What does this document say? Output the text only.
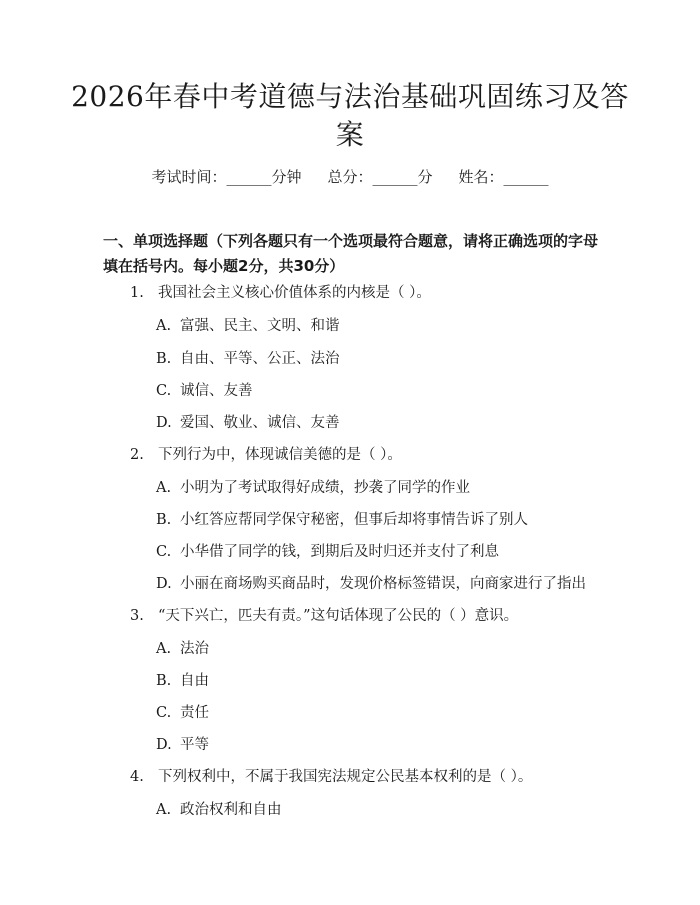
2026年春中考道德与法治基础巩固练习及答案
考试时间：______分钟 总分：______分 姓名：______
一、单项选择题（下列各题只有一个选项最符合题意，请将正确选项的字母填在括号内。每小题2分，共30分）
1. 我国社会主义核心价值体系的内核是（ ）。
A. 富强、民主、文明、和谐
B. 自由、平等、公正、法治
C. 诚信、友善
D. 爱国、敬业、诚信、友善
2. 下列行为中，体现诚信美德的是（ ）。
A. 小明为了考试取得好成绩，抄袭了同学的作业
B. 小红答应帮同学保守秘密，但事后却将事情告诉了别人
C. 小华借了同学的钱，到期后及时归还并支付了利息
D. 小丽在商场购买商品时，发现价格标签错误，向商家进行了指出
3. “天下兴亡，匹夫有责。”这句话体现了公民的（ ）意识。
A. 法治
B. 自由
C. 责任
D. 平等
4. 下列权利中，不属于我国宪法规定公民基本权利的是（ ）。
A. 政治权利和自由
